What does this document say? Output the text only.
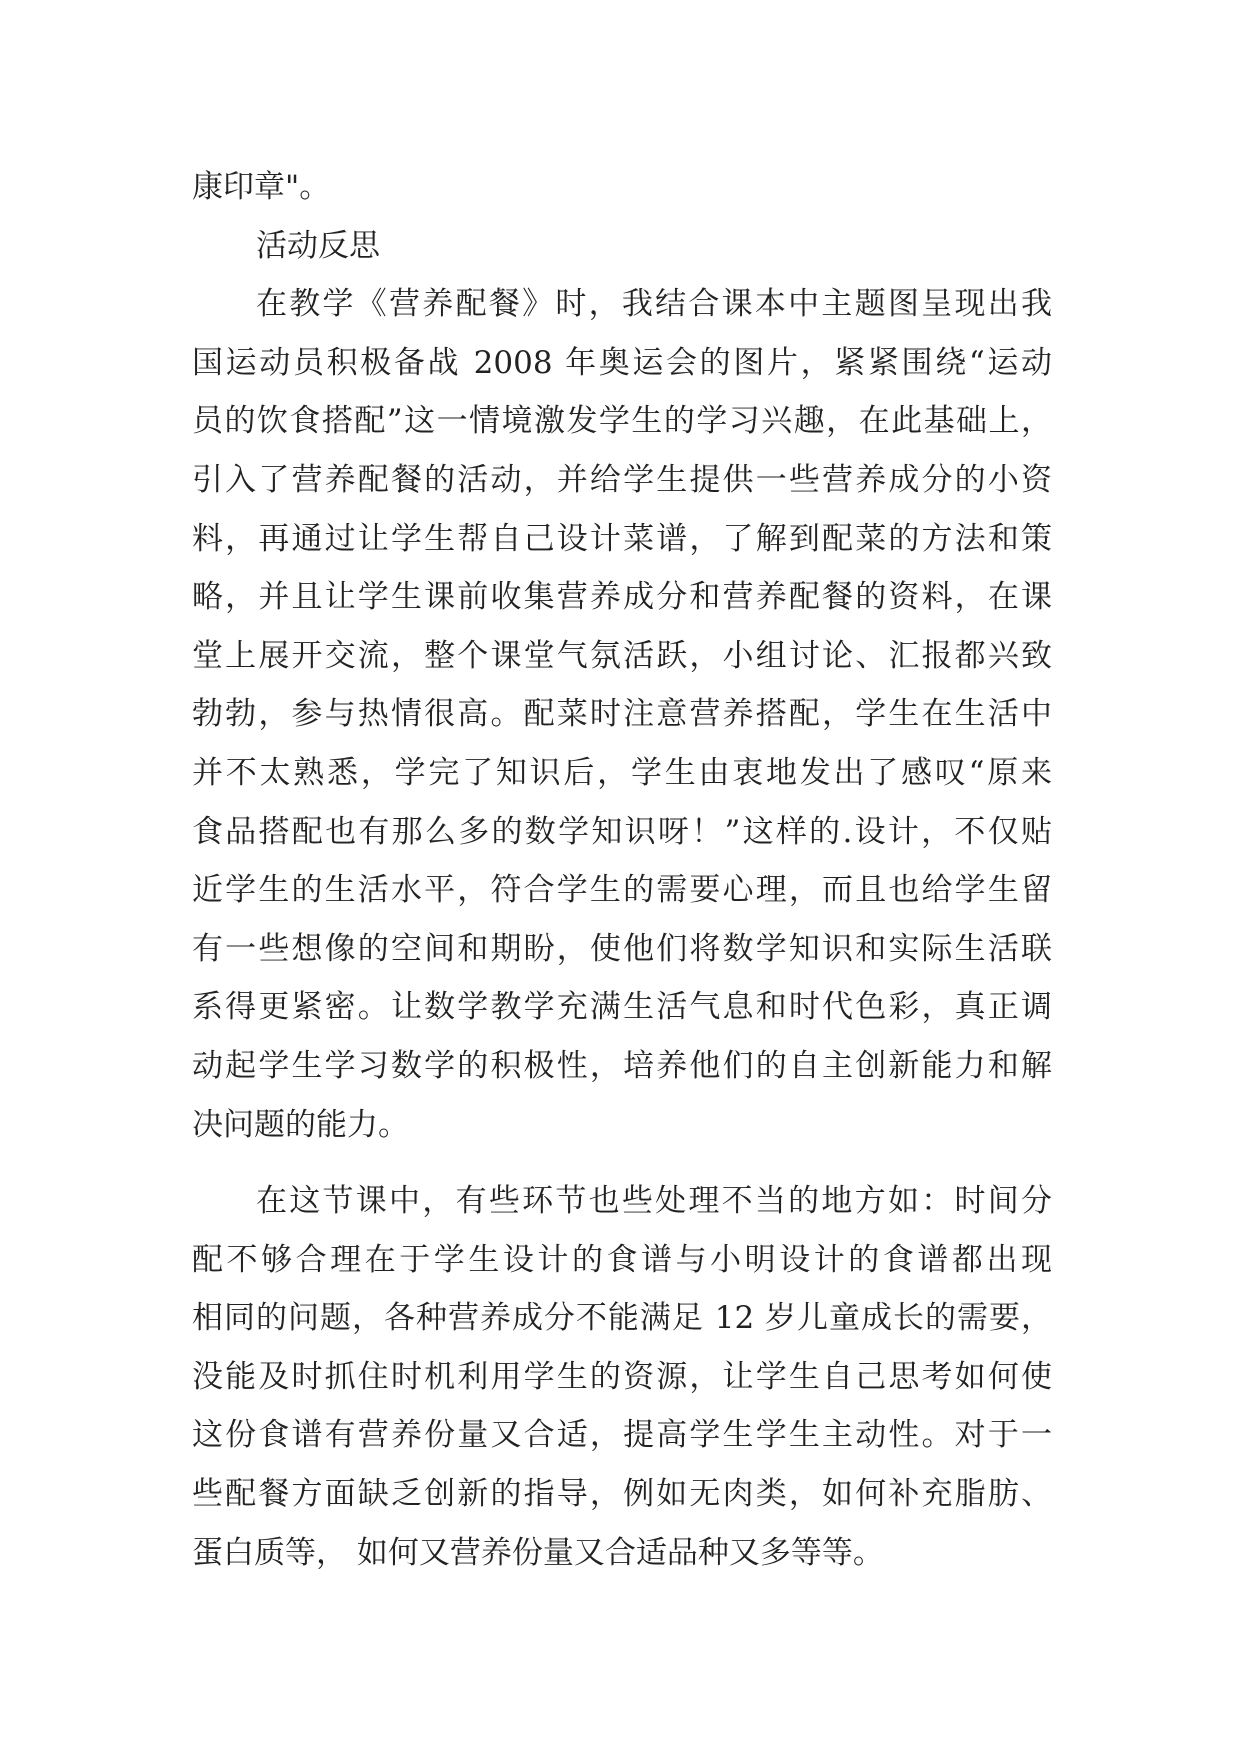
康印章"。
活动反思
在教学《营养配餐》时，我结合课本中主题图呈现出我
国运动员积极备战 2008 年奥运会的图片，紧紧围绕“运动
员的饮食搭配”这一情境激发学生的学习兴趣，在此基础上，
引入了营养配餐的活动，并给学生提供一些营养成分的小资
料，再通过让学生帮自己设计菜谱，了解到配菜的方法和策
略，并且让学生课前收集营养成分和营养配餐的资料，在课
堂上展开交流，整个课堂气氛活跃，小组讨论、汇报都兴致
勃勃，参与热情很高。配菜时注意营养搭配，学生在生活中
并不太熟悉，学完了知识后，学生由衷地发出了感叹“原来
食品搭配也有那么多的数学知识呀！”这样的.设计，不仅贴
近学生的生活水平，符合学生的需要心理，而且也给学生留
有一些想像的空间和期盼，使他们将数学知识和实际生活联
系得更紧密。让数学教学充满生活气息和时代色彩，真正调
动起学生学习数学的积极性，培养他们的自主创新能力和解
决问题的能力。
在这节课中，有些环节也些处理不当的地方如：时间分
配不够合理在于学生设计的食谱与小明设计的食谱都出现
相同的问题，各种营养成分不能满足 12 岁儿童成长的需要，
没能及时抓住时机利用学生的资源，让学生自己思考如何使
这份食谱有营养份量又合适，提高学生学生主动性。对于一
些配餐方面缺乏创新的指导，例如无肉类，如何补充脂肪、
蛋白质等， 如何又营养份量又合适品种又多等等。
